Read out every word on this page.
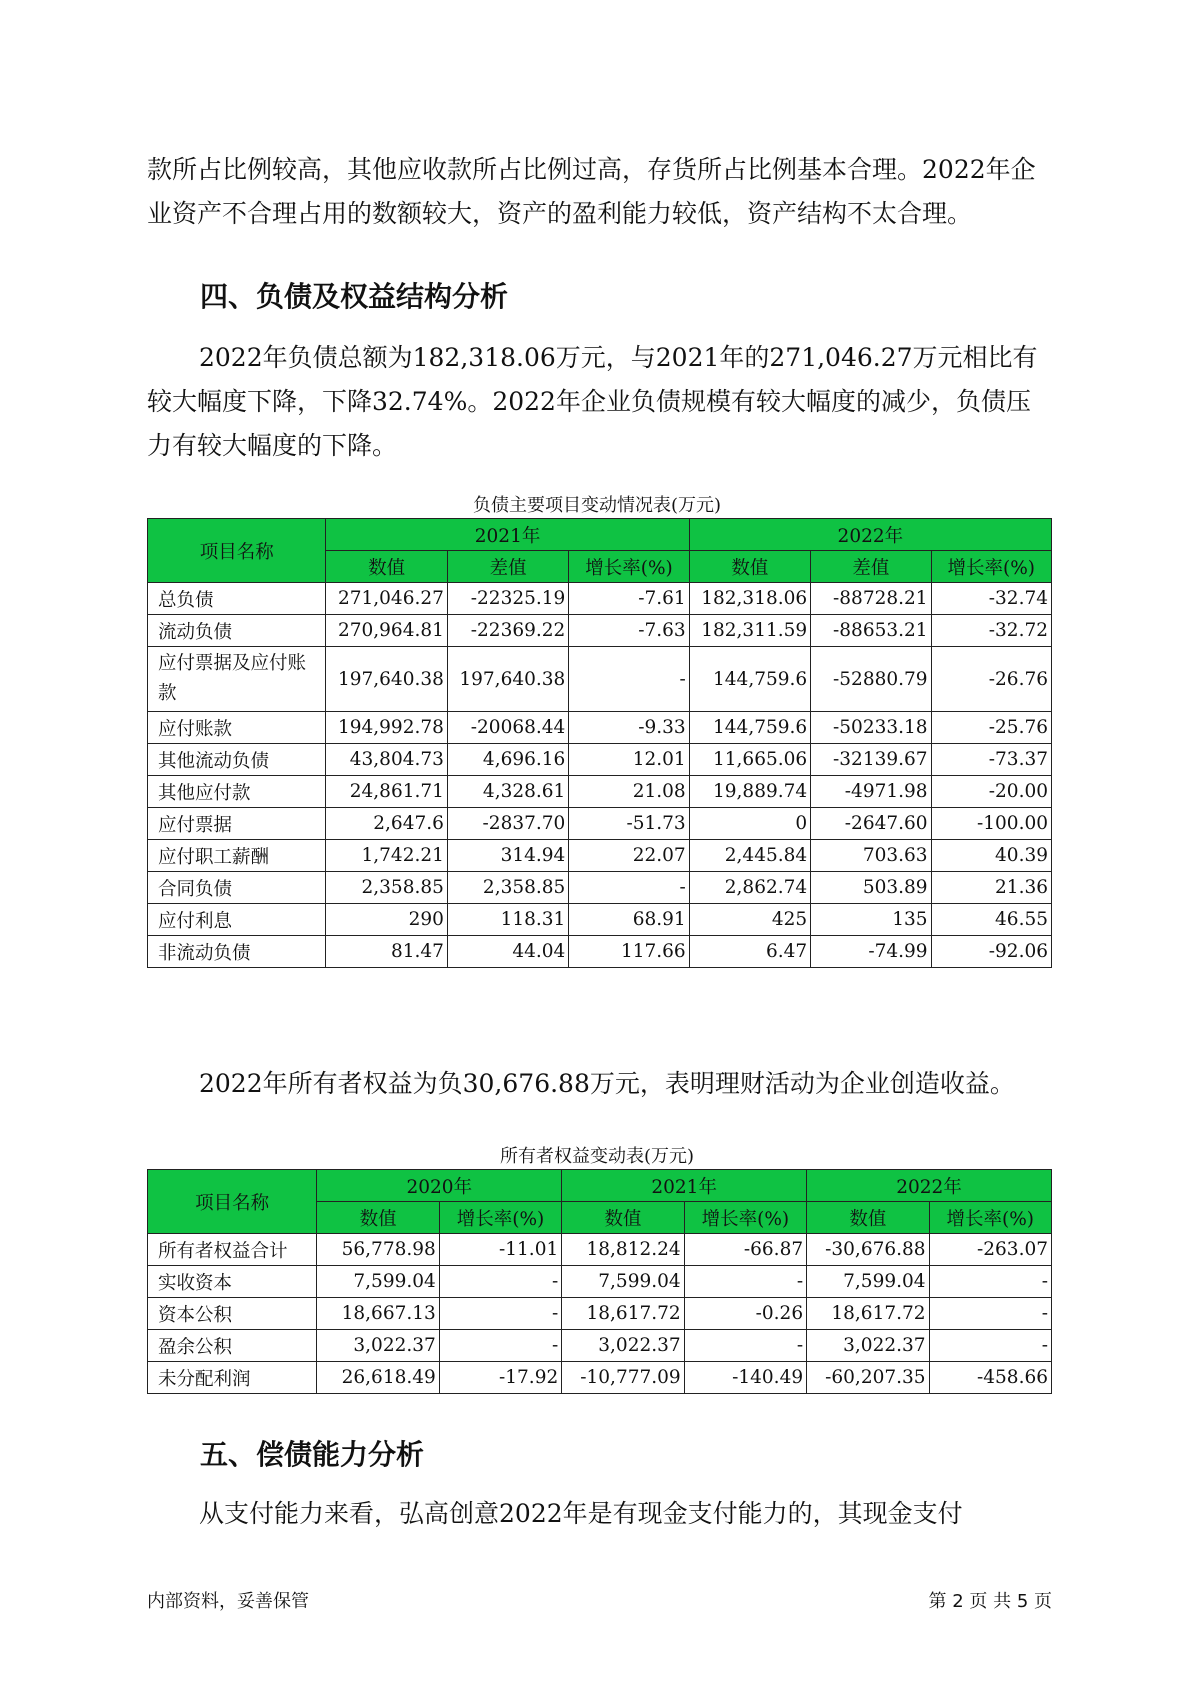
款所占比例较高，其他应收款所占比例过高，存货所占比例基本合理。2022年企业资产不合理占用的数额较大，资产的盈利能力较低，资产结构不太合理。

四、负债及权益结构分析

2022年负债总额为182,318.06万元，与2021年的271,046.27万元相比有较大幅度下降，下降32.74%。2022年企业负债规模有较大幅度的减少，负债压力有较大幅度的下降。

负债主要项目变动情况表(万元)
项目名称	2021年			2022年		
	数值	差值	增长率(%)	数值	差值	增长率(%)
总负债	271,046.27	-22325.19	-7.61	182,318.06	-88728.21	-32.74
流动负债	270,964.81	-22369.22	-7.63	182,311.59	-88653.21	-32.72
应付票据及应付账款	197,640.38	197,640.38	-	144,759.6	-52880.79	-26.76
应付账款	194,992.78	-20068.44	-9.33	144,759.6	-50233.18	-25.76
其他流动负债	43,804.73	4,696.16	12.01	11,665.06	-32139.67	-73.37
其他应付款	24,861.71	4,328.61	21.08	19,889.74	-4971.98	-20.00
应付票据	2,647.6	-2837.70	-51.73	0	-2647.60	-100.00
应付职工薪酬	1,742.21	314.94	22.07	2,445.84	703.63	40.39
合同负债	2,358.85	2,358.85	-	2,862.74	503.89	21.36
应付利息	290	118.31	68.91	425	135	46.55
非流动负债	81.47	44.04	117.66	6.47	-74.99	-92.06

2022年所有者权益为负30,676.88万元，表明理财活动为企业创造收益。

所有者权益变动表(万元)
项目名称	2020年		2021年		2022年	
	数值	增长率(%)	数值	增长率(%)	数值	增长率(%)
所有者权益合计	56,778.98	-11.01	18,812.24	-66.87	-30,676.88	-263.07
实收资本	7,599.04	-	7,599.04	-	7,599.04	-
资本公积	18,667.13	-	18,617.72	-0.26	18,617.72	-
盈余公积	3,022.37	-	3,022.37	-	3,022.37	-
未分配利润	26,618.49	-17.92	-10,777.09	-140.49	-60,207.35	-458.66
五、偿债能力分析

从支付能力来看，弘高创意2022年是有现金支付能力的，其现金支付

内部资料，妥善保管	第 2 页 共 5 页
